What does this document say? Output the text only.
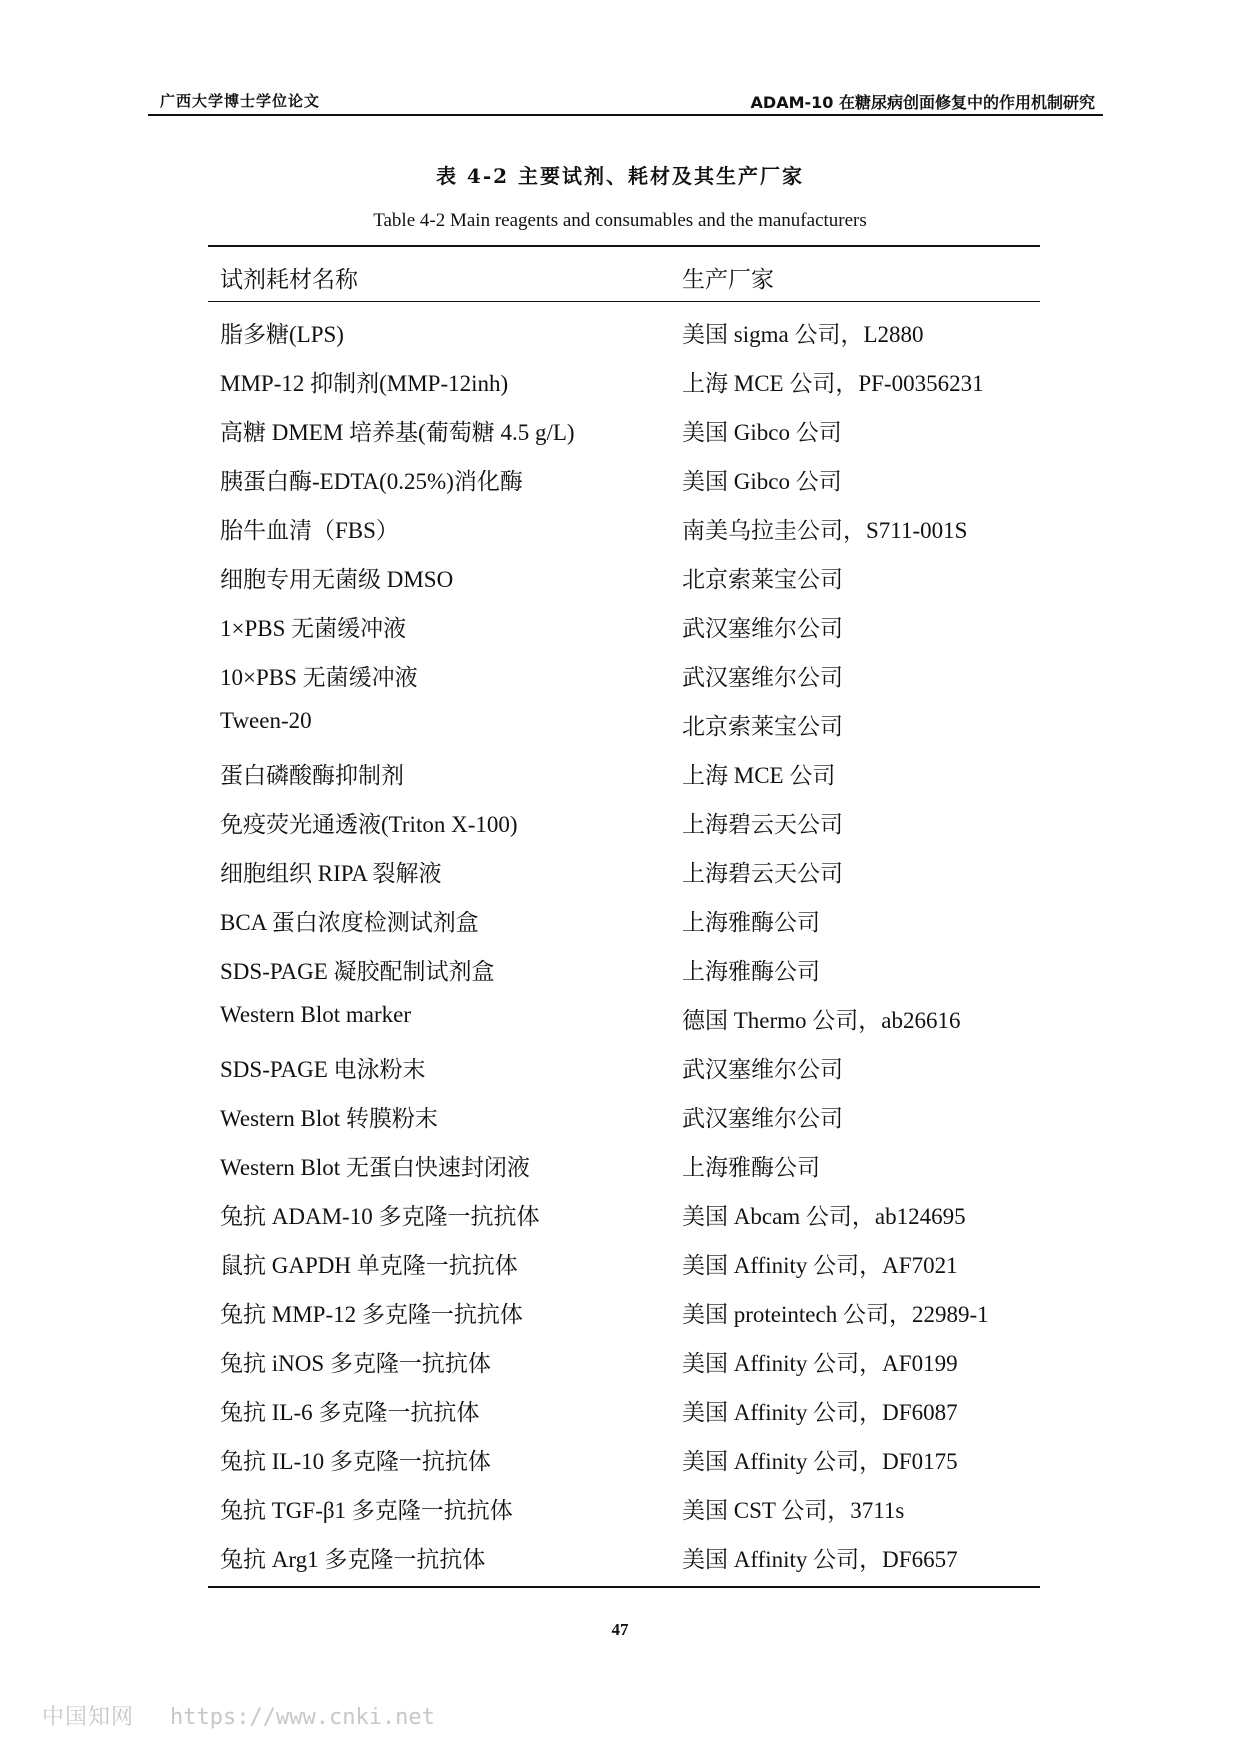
广西大学博士学位论文	ADAM-10 在糖尿病创面修复中的作用机制研究
表 4-2 主要试剂、耗材及其生产厂家
Table 4-2 Main reagents and consumables and the manufacturers
试剂耗材名称	生产厂家
脂多糖(LPS)	美国 sigma 公司，L2880
MMP-12 抑制剂(MMP-12inh)	上海 MCE 公司，PF-00356231
高糖 DMEM 培养基(葡萄糖 4.5 g/L)	美国 Gibco 公司
胰蛋白酶-EDTA(0.25%)消化酶	美国 Gibco 公司
胎牛血清（FBS）	南美乌拉圭公司，S711-001S
细胞专用无菌级 DMSO	北京索莱宝公司
1×PBS 无菌缓冲液	武汉塞维尔公司
10×PBS 无菌缓冲液	武汉塞维尔公司
Tween-20	北京索莱宝公司
蛋白磷酸酶抑制剂	上海 MCE 公司
免疫荧光通透液(Triton X-100)	上海碧云天公司
细胞组织 RIPA 裂解液	上海碧云天公司
BCA 蛋白浓度检测试剂盒	上海雅酶公司
SDS-PAGE 凝胶配制试剂盒	上海雅酶公司
Western Blot marker	德国 Thermo 公司，ab26616
SDS-PAGE 电泳粉末	武汉塞维尔公司
Western Blot 转膜粉末	武汉塞维尔公司
Western Blot 无蛋白快速封闭液	上海雅酶公司
兔抗 ADAM-10 多克隆一抗抗体	美国 Abcam 公司，ab124695
鼠抗 GAPDH 单克隆一抗抗体	美国 Affinity 公司，AF7021
兔抗 MMP-12 多克隆一抗抗体	美国 proteintech 公司，22989-1
兔抗 iNOS 多克隆一抗抗体	美国 Affinity 公司，AF0199
兔抗 IL-6 多克隆一抗抗体	美国 Affinity 公司，DF6087
兔抗 IL-10 多克隆一抗抗体	美国 Affinity 公司，DF0175
兔抗 TGF-β1 多克隆一抗抗体	美国 CST 公司，3711s
兔抗 Arg1 多克隆一抗抗体	美国 Affinity 公司，DF6657
47
中国知网 https://www.cnki.net
